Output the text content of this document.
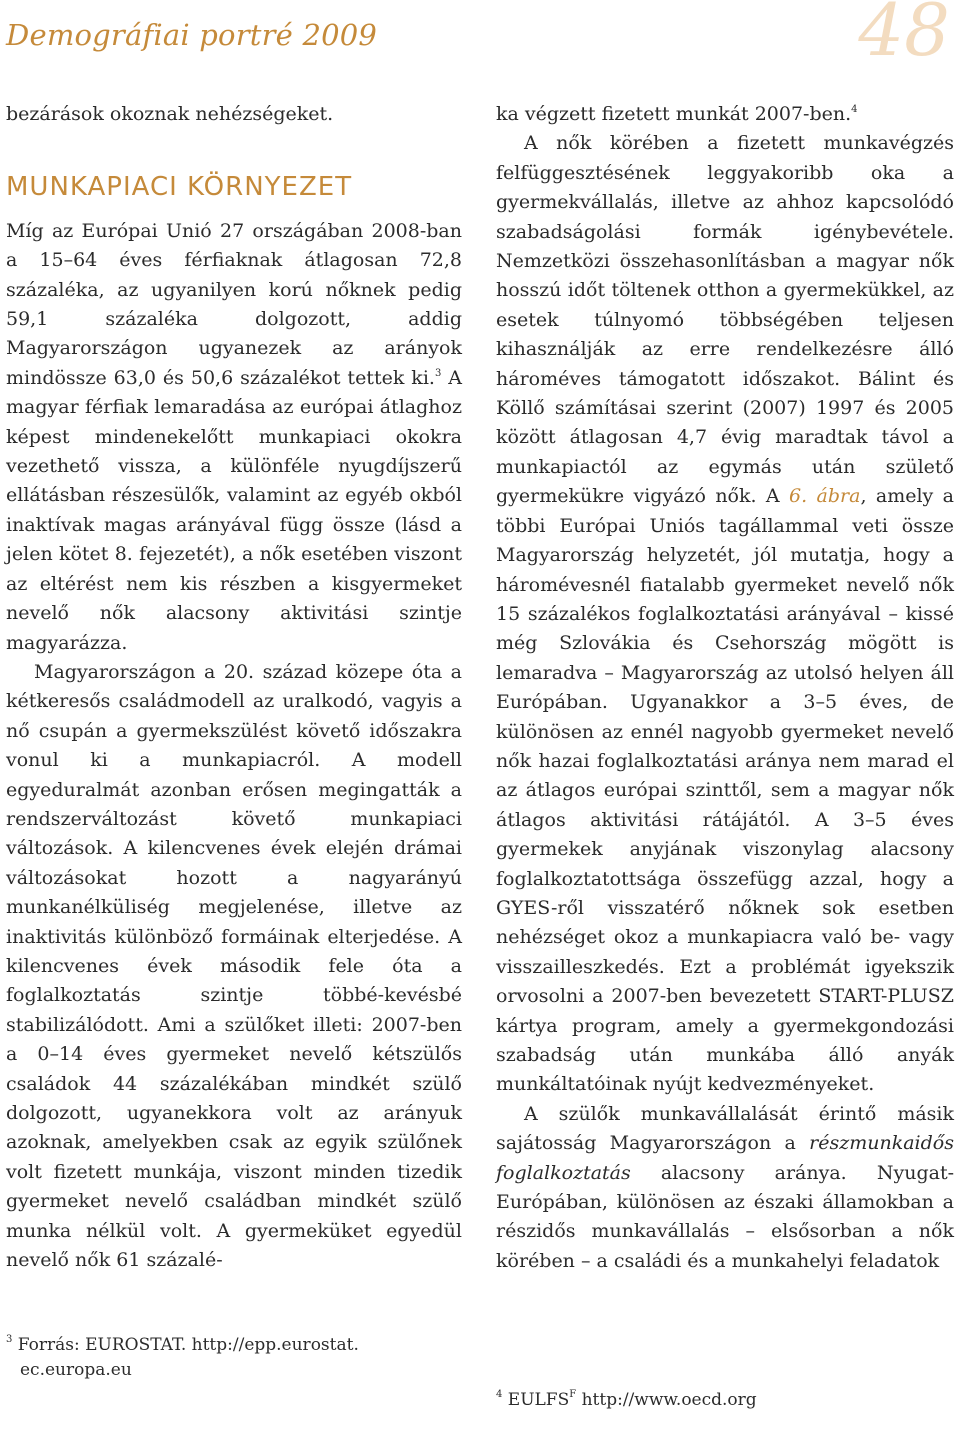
Demográfiai portré 2009	48

bezárások okoznak nehézségeket.

MUNKAPIACI KÖRNYEZET

Míg az Európai Unió 27 országában 2008-ban a 15–64 éves férfiaknak átlagosan 72,8 százaléka, az ugyanilyen korú nőknek pedig 59,1 százaléka dolgozott, addig Magyarországon ugyanezek az arányok mindössze 63,0 és 50,6 százalékot tettek ki.$^3$ A magyar férfiak lemaradása az európai átlaghoz képest mindenekelőtt munkapiaci okokra vezethető vissza, a különféle nyugdíjszerű ellátásban részesülők, valamint az egyéb okból inaktívak magas arányával függ össze (lásd a jelen kötet 8. fejezetét), a nők esetében viszont az eltérést nem kis részben a kisgyermeket nevelő nők alacsony aktivitási szintje magyarázza.

Magyarországon a 20. század közepe óta a kétkeresős családmodell az uralkodó, vagyis a nő csupán a gyermekszülést követő időszakra vonul ki a munkapiacról. A modell egyeduralmát azonban erősen megingatták a rendszerváltozást követő munkapiaci változások. A kilencvenes évek elején drámai változásokat hozott a nagyarányú munkanélküliség megjelenése, illetve az inaktivitás különböző formáinak elterjedése. A kilencvenes évek második fele óta a foglalkoztatás szintje többé-kevésbé stabilizálódott. Ami a szülőket illeti: 2007-ben a 0–14 éves gyermeket nevelő kétszülős családok 44 százalékában mindkét szülő dolgozott, ugyanekkora volt az arányuk azoknak, amelyekben csak az egyik szülőnek volt fizetett munkája, viszont minden tizedik gyermeket nevelő családban mindkét szülő munka nélkül volt. A gyermeküket egyedül nevelő nők 61 százalé-

ka végzett fizetett munkát 2007-ben.$^4$

A nők körében a fizetett munkavégzés felfüggesztésének leggyakoribb oka a gyermekvállalás, illetve az ahhoz kapcsolódó szabadságolási formák igénybevétele. Nemzetközi összehasonlításban a magyar nők hosszú időt töltenek otthon a gyermekükkel, az esetek túlnyomó többségében teljesen kihasználják az erre rendelkezésre álló hároméves támogatott időszakot. Bálint és Köllő számításai szerint (2007) 1997 és 2005 között átlagosan 4,7 évig maradtak távol a munkapiactól az egymás után születő gyermekükre vigyázó nők. A 6. ábra, amely a többi Európai Uniós tagállammal veti össze Magyarország helyzetét, jól mutatja, hogy a háromévesnél fiatalabb gyermeket nevelő nők 15 százalékos foglalkoztatási arányával – kissé még Szlovákia és Csehország mögött is lemaradva – Magyarország az utolsó helyen áll Európában. Ugyanakkor a 3–5 éves, de különösen az ennél nagyobb gyermeket nevelő nők hazai foglalkoztatási aránya nem marad el az átlagos európai szinttől, sem a magyar nők átlagos aktivitási rátájától. A 3–5 éves gyermekek anyjának viszonylag alacsony foglalkoztatottsága összefügg azzal, hogy a GYES-ről visszatérő nőknek sok esetben nehézséget okoz a munkapiacra való be- vagy visszailleszkedés. Ezt a problémát igyekszik orvosolni a 2007-ben bevezetett START-PLUSZ kártya program, amely a gyermekgondozási szabadság után munkába álló anyák munkáltatóinak nyújt kedvezményeket.

A szülők munkavállalását érintő másik sajátosság Magyarországon a részmunkaidős foglalkoztatás alacsony aránya. Nyugat-Európában, különösen az északi államokban a részidős munkavállalás – elsősorban a nők körében – a családi és a munkahelyi feladatok

$^3$ Forrás: EUROSTAT. http://epp.eurostat.
ec.europa.eu
$^4$ $EULFS^F$ http://www.oecd.org
